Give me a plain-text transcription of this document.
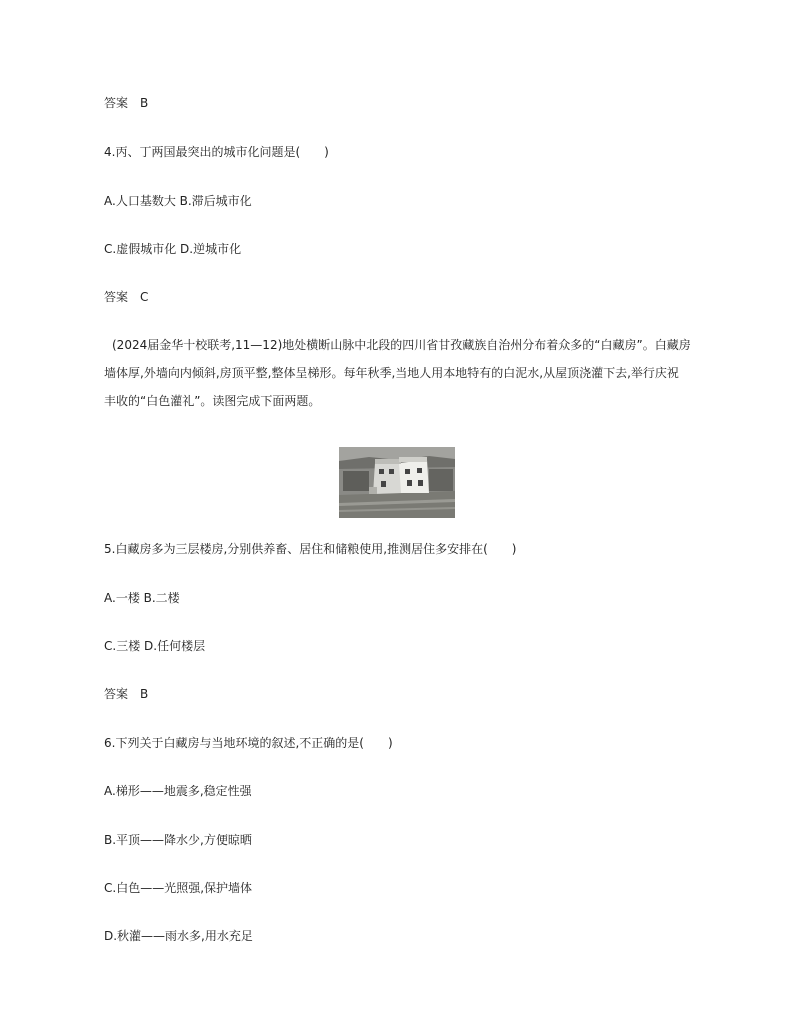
答案　B
4.丙、丁两国最突出的城市化问题是(　　)
A.人口基数大 B.滞后城市化
C.虚假城市化 D.逆城市化
答案　C
(2024届金华十校联考,11—12)地处横断山脉中北段的四川省甘孜藏族自治州分布着众多的“白藏房”。白藏房
墙体厚,外墙向内倾斜,房顶平整,整体呈梯形。每年秋季,当地人用本地特有的白泥水,从屋顶浇灌下去,举行庆祝
丰收的“白色灌礼”。读图完成下面两题。
5.白藏房多为三层楼房,分别供养畜、居住和储粮使用,推测居住多安排在(　　)
A.一楼 B.二楼
C.三楼 D.任何楼层
答案　B
6.下列关于白藏房与当地环境的叙述,不正确的是(　　)
A.梯形——地震多,稳定性强
B.平顶——降水少,方便晾晒
C.白色——光照强,保护墙体
D.秋灌——雨水多,用水充足
